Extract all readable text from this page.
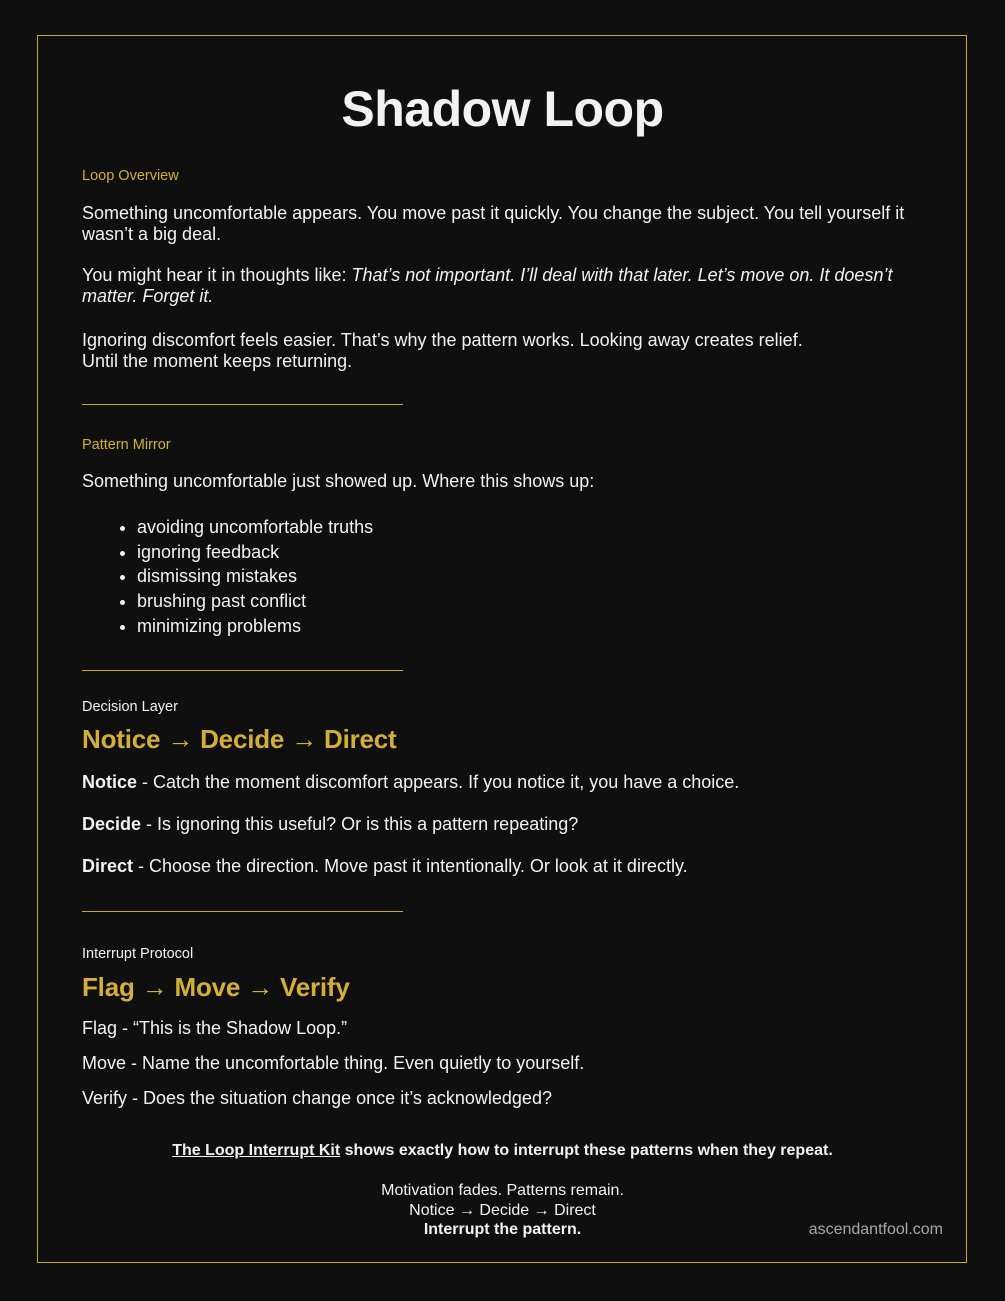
Shadow Loop

Loop Overview

Something uncomfortable appears. You move past it quickly. You change the subject. You tell yourself it wasn’t a big deal.

You might hear it in thoughts like: That’s not important. I’ll deal with that later. Let’s move on. It doesn’t matter. Forget it.

Ignoring discomfort feels easier. That’s why the pattern works. Looking away creates relief.
Until the moment keeps returning.

Pattern Mirror

Something uncomfortable just showed up. Where this shows up:

• avoiding uncomfortable truths
• ignoring feedback
• dismissing mistakes
• brushing past conflict
• minimizing problems

Decision Layer

Notice → Decide → Direct

Notice - Catch the moment discomfort appears. If you notice it, you have a choice.

Decide - Is ignoring this useful? Or is this a pattern repeating?

Direct - Choose the direction. Move past it intentionally. Or look at it directly.

Interrupt Protocol

Flag → Move → Verify

Flag - “This is the Shadow Loop.”

Move - Name the uncomfortable thing. Even quietly to yourself.

Verify - Does the situation change once it’s acknowledged?

The Loop Interrupt Kit shows exactly how to interrupt these patterns when they repeat.
Motivation fades. Patterns remain.
Notice → Decide → Direct
Interrupt the pattern.	ascendantfool.com
